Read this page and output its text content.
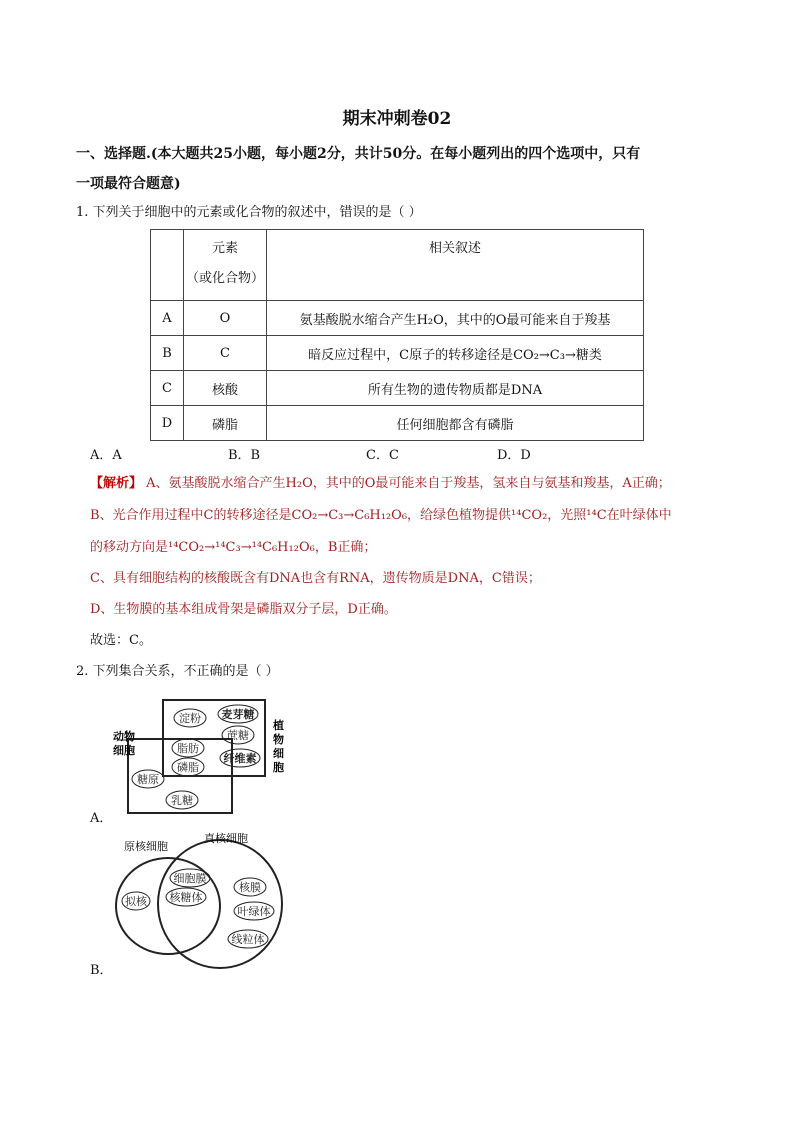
期末冲刺卷02
一、选择题.(本大题共25小题，每小题2分，共计50分。在每小题列出的四个选项中，只有
一项最符合题意)
1. 下列关于细胞中的元素或化合物的叙述中，错误的是（ ）

	元素
（或化合物）	相关叙述
A	O	氨基酸脱水缩合产生H₂O，其中的O最可能来自于羧基
B	C	暗反应过程中，C原子的转移途径是CO₂→C₃→糖类
C	核酸	所有生物的遗传物质都是DNA
D	磷脂	任何细胞都含有磷脂
A．A	B．B	C．C	D．D
【解析】 A、氨基酸脱水缩合产生H₂O，其中的O最可能来自于羧基，氢来自与氨基和羧基，A正确；
B、光合作用过程中C的转移途径是CO₂→C₃→C₆H₁₂O₆，给绿色植物提供¹⁴CO₂，光照¹⁴C在叶绿体中
的移动方向是¹⁴CO₂→¹⁴C₃→¹⁴C₆H₁₂O₆，B正确；
C、具有细胞结构的核酸既含有DNA也含有RNA，遗传物质是DNA，C错误；
D、生物膜的基本组成骨架是磷脂双分子层，D正确。
故选：C。
2. 下列集合关系，不正确的是（ ）
动物
细胞
植
物
细
胞
淀粉 麦芽糖
蔗糖
脂肪
磷脂
纤维素
糖原
乳糖
A．
原核细胞
真核细胞
拟核
细胞膜
核糖体
核膜
叶绿体
线粒体
B．
